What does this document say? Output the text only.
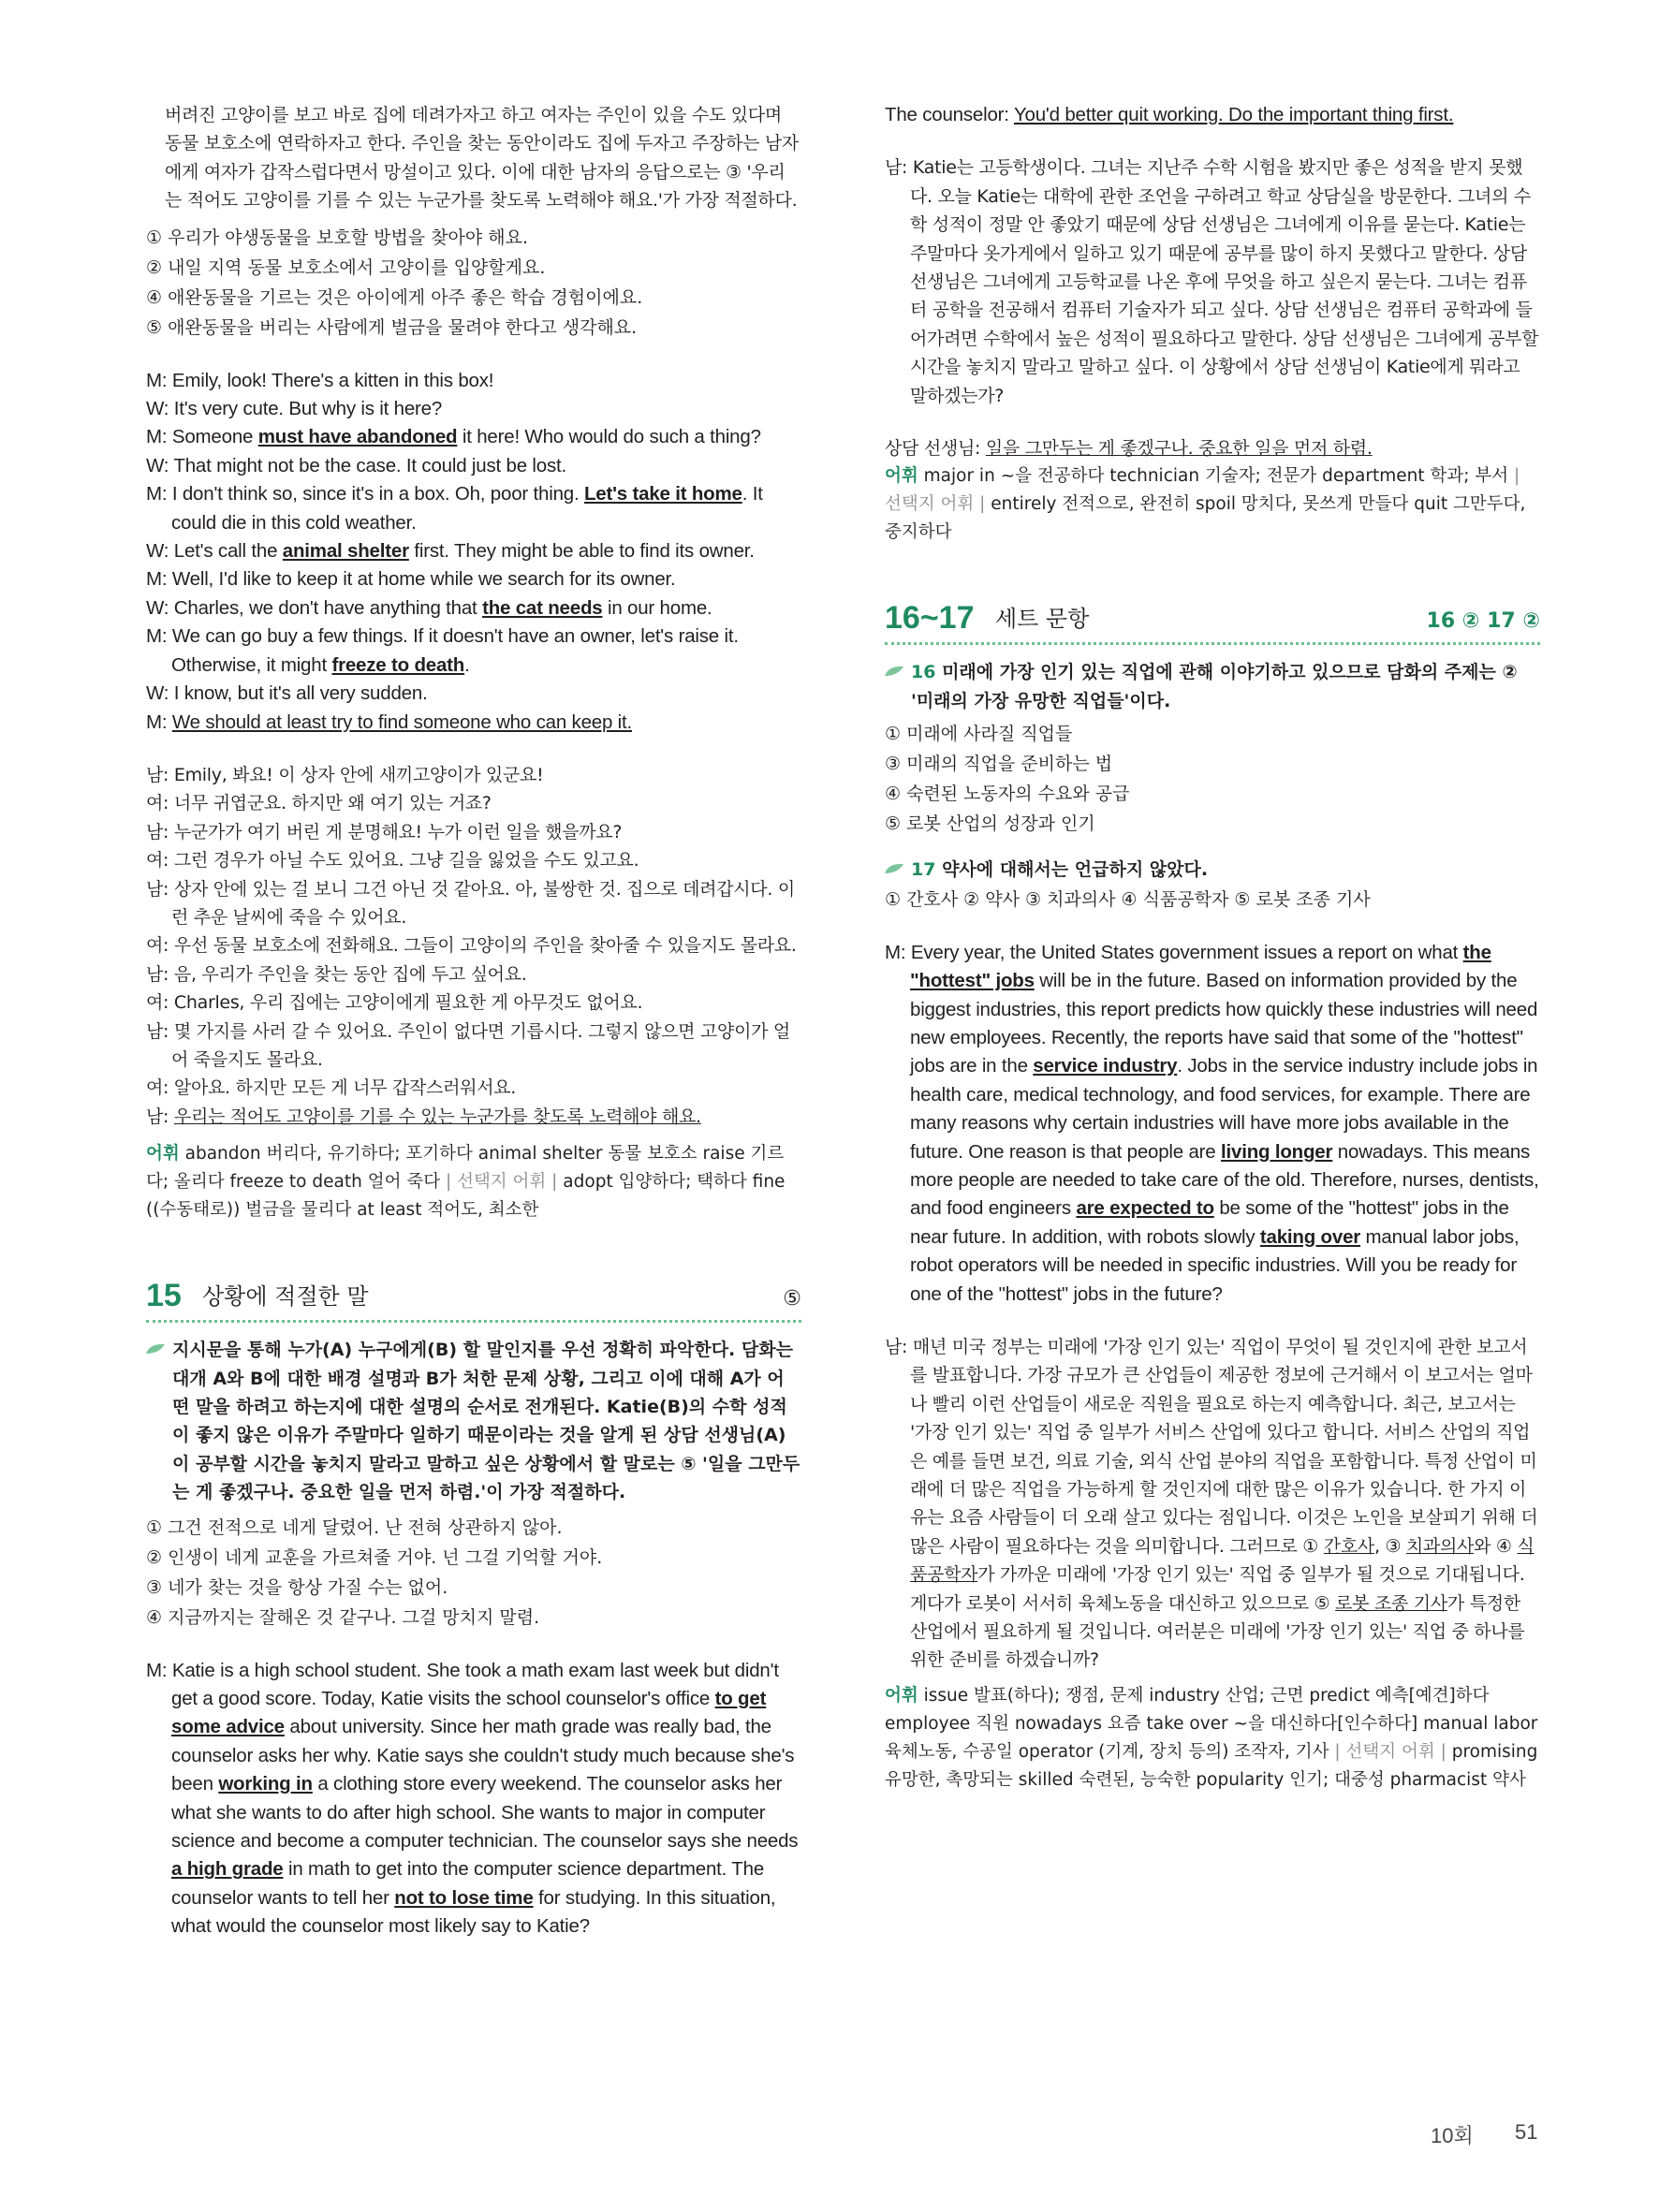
버려진 고양이를 보고 바로 집에 데려가자고 하고 여자는 주인이 있을 수도 있다며 동물 보호소에 연락하자고 한다. 주인을 찾는 동안이라도 집에 두자고 주장하는 남자에게 여자가 갑작스럽다면서 망설이고 있다. 이에 대한 남자의 응답으로는 ③ '우리는 적어도 고양이를 기를 수 있는 누군가를 찾도록 노력해야 해요.'가 가장 적절하다.

① 우리가 야생동물을 보호할 방법을 찾아야 해요.

② 내일 지역 동물 보호소에서 고양이를 입양할게요.

④ 애완동물을 기르는 것은 아이에게 아주 좋은 학습 경험이에요.

⑤ 애완동물을 버리는 사람에게 벌금을 물려야 한다고 생각해요.

M: Emily, look! There's a kitten in this box!

W: It's very cute. But why is it here?

M: Someone must have abandoned it here! Who would do such a thing?

W: That might not be the case. It could just be lost.

M: I don't think so, since it's in a box. Oh, poor thing. Let's take it home. It could die in this cold weather.

W: Let's call the animal shelter first. They might be able to find its owner.

M: Well, I'd like to keep it at home while we search for its owner.

W: Charles, we don't have anything that the cat needs in our home.

M: We can go buy a few things. If it doesn't have an owner, let's raise it. Otherwise, it might freeze to death.

W: I know, but it's all very sudden.

M: We should at least try to find someone who can keep it.

남: Emily, 봐요! 이 상자 안에 새끼고양이가 있군요!

여: 너무 귀엽군요. 하지만 왜 여기 있는 거죠?

남: 누군가가 여기 버린 게 분명해요! 누가 이런 일을 했을까요?

여: 그런 경우가 아닐 수도 있어요. 그냥 길을 잃었을 수도 있고요.

남: 상자 안에 있는 걸 보니 그건 아닌 것 같아요. 아, 불쌍한 것. 집으로 데려갑시다. 이런 추운 날씨에 죽을 수 있어요.

여: 우선 동물 보호소에 전화해요. 그들이 고양이의 주인을 찾아줄 수 있을지도 몰라요.

남: 음, 우리가 주인을 찾는 동안 집에 두고 싶어요.

여: Charles, 우리 집에는 고양이에게 필요한 게 아무것도 없어요.

남: 몇 가지를 사러 갈 수 있어요. 주인이 없다면 기릅시다. 그렇지 않으면 고양이가 얼어 죽을지도 몰라요.

여: 알아요. 하지만 모든 게 너무 갑작스러워서요.

남: 우리는 적어도 고양이를 기를 수 있는 누군가를 찾도록 노력해야 해요.

어휘 abandon 버리다, 유기하다; 포기하다 animal shelter 동물 보호소 raise 기르다; 올리다 freeze to death 얼어 죽다 | 선택지 어휘 | adopt 입양하다; 택하다 fine ((수동태로)) 벌금을 물리다 at least 적어도, 최소한

15 상황에 적절한 말	⑤
지시문을 통해 누가(A) 누구에게(B) 할 말인지를 우선 정확히 파악한다. 담화는 대개 A와 B에 대한 배경 설명과 B가 처한 문제 상황, 그리고 이에 대해 A가 어떤 말을 하려고 하는지에 대한 설명의 순서로 전개된다. Katie(B)의 수학 성적이 좋지 않은 이유가 주말마다 일하기 때문이라는 것을 알게 된 상담 선생님(A)이 공부할 시간을 놓치지 말라고 말하고 싶은 상황에서 할 말로는 ⑤ '일을 그만두는 게 좋겠구나. 중요한 일을 먼저 하렴.'이 가장 적절하다.

① 그건 전적으로 네게 달렸어. 난 전혀 상관하지 않아.

② 인생이 네게 교훈을 가르쳐줄 거야. 넌 그걸 기억할 거야.

③ 네가 찾는 것을 항상 가질 수는 없어.

④ 지금까지는 잘해온 것 같구나. 그걸 망치지 말렴.

M: Katie is a high school student. She took a math exam last week but didn't get a good score. Today, Katie visits the school counselor's office to get some advice about university. Since her math grade was really bad, the counselor asks her why. Katie says she couldn't study much because she's been working in a clothing store every weekend. The counselor asks her what she wants to do after high school. She wants to major in computer science and become a computer technician. The counselor says she needs a high grade in math to get into the computer science department. The counselor wants to tell her not to lose time for studying. In this situation, what would the counselor most likely say to Katie?

The counselor: You'd better quit working. Do the important thing first.

남: Katie는 고등학생이다. 그녀는 지난주 수학 시험을 봤지만 좋은 성적을 받지 못했다. 오늘 Katie는 대학에 관한 조언을 구하려고 학교 상담실을 방문한다. 그녀의 수학 성적이 정말 안 좋았기 때문에 상담 선생님은 그녀에게 이유를 묻는다. Katie는 주말마다 옷가게에서 일하고 있기 때문에 공부를 많이 하지 못했다고 말한다. 상담 선생님은 그녀에게 고등학교를 나온 후에 무엇을 하고 싶은지 묻는다. 그녀는 컴퓨터 공학을 전공해서 컴퓨터 기술자가 되고 싶다. 상담 선생님은 컴퓨터 공학과에 들어가려면 수학에서 높은 성적이 필요하다고 말한다. 상담 선생님은 그녀에게 공부할 시간을 놓치지 말라고 말하고 싶다. 이 상황에서 상담 선생님이 Katie에게 뭐라고 말하겠는가?

상담 선생님: 일을 그만두는 게 좋겠구나. 중요한 일을 먼저 하렴.

어휘 major in ~을 전공하다 technician 기술자; 전문가 department 학과; 부서 | 선택지 어휘 | entirely 전적으로, 완전히 spoil 망치다, 못쓰게 만들다 quit 그만두다, 중지하다

16~17 세트 문항	16 ② 17 ②
16 미래에 가장 인기 있는 직업에 관해 이야기하고 있으므로 담화의 주제는 ② '미래의 가장 유망한 직업들'이다.

① 미래에 사라질 직업들

③ 미래의 직업을 준비하는 법

④ 숙련된 노동자의 수요와 공급

⑤ 로봇 산업의 성장과 인기

17 약사에 대해서는 언급하지 않았다.

① 간호사 ② 약사 ③ 치과의사 ④ 식품공학자 ⑤ 로봇 조종 기사

M: Every year, the United States government issues a report on what the "hottest" jobs will be in the future. Based on information provided by the biggest industries, this report predicts how quickly these industries will need new employees. Recently, the reports have said that some of the "hottest" jobs are in the service industry. Jobs in the service industry include jobs in health care, medical technology, and food services, for example. There are many reasons why certain industries will have more jobs available in the future. One reason is that people are living longer nowadays. This means more people are needed to take care of the old. Therefore, nurses, dentists, and food engineers are expected to be some of the "hottest" jobs in the near future. In addition, with robots slowly taking over manual labor jobs, robot operators will be needed in specific industries. Will you be ready for one of the "hottest" jobs in the future?

남: 매년 미국 정부는 미래에 '가장 인기 있는' 직업이 무엇이 될 것인지에 관한 보고서를 발표합니다. 가장 규모가 큰 산업들이 제공한 정보에 근거해서 이 보고서는 얼마나 빨리 이런 산업들이 새로운 직원을 필요로 하는지 예측합니다. 최근, 보고서는 '가장 인기 있는' 직업 중 일부가 서비스 산업에 있다고 합니다. 서비스 산업의 직업은 예를 들면 보건, 의료 기술, 외식 산업 분야의 직업을 포함합니다. 특정 산업이 미래에 더 많은 직업을 가능하게 할 것인지에 대한 많은 이유가 있습니다. 한 가지 이유는 요즘 사람들이 더 오래 살고 있다는 점입니다. 이것은 노인을 보살피기 위해 더 많은 사람이 필요하다는 것을 의미합니다. 그러므로 ① 간호사, ③ 치과의사와 ④ 식품공학자가 가까운 미래에 '가장 인기 있는' 직업 중 일부가 될 것으로 기대됩니다. 게다가 로봇이 서서히 육체노동을 대신하고 있으므로 ⑤ 로봇 조종 기사가 특정한 산업에서 필요하게 될 것입니다. 여러분은 미래에 '가장 인기 있는' 직업 중 하나를 위한 준비를 하겠습니까?

어휘 issue 발표(하다); 쟁점, 문제 industry 산업; 근면 predict 예측[예견]하다 employee 직원 nowadays 요즘 take over ~을 대신하다[인수하다] manual labor 육체노동, 수공일 operator (기계, 장치 등의) 조작자, 기사 | 선택지 어휘 | promising 유망한, 촉망되는 skilled 숙련된, 능숙한 popularity 인기; 대중성 pharmacist 약사

10회 51
